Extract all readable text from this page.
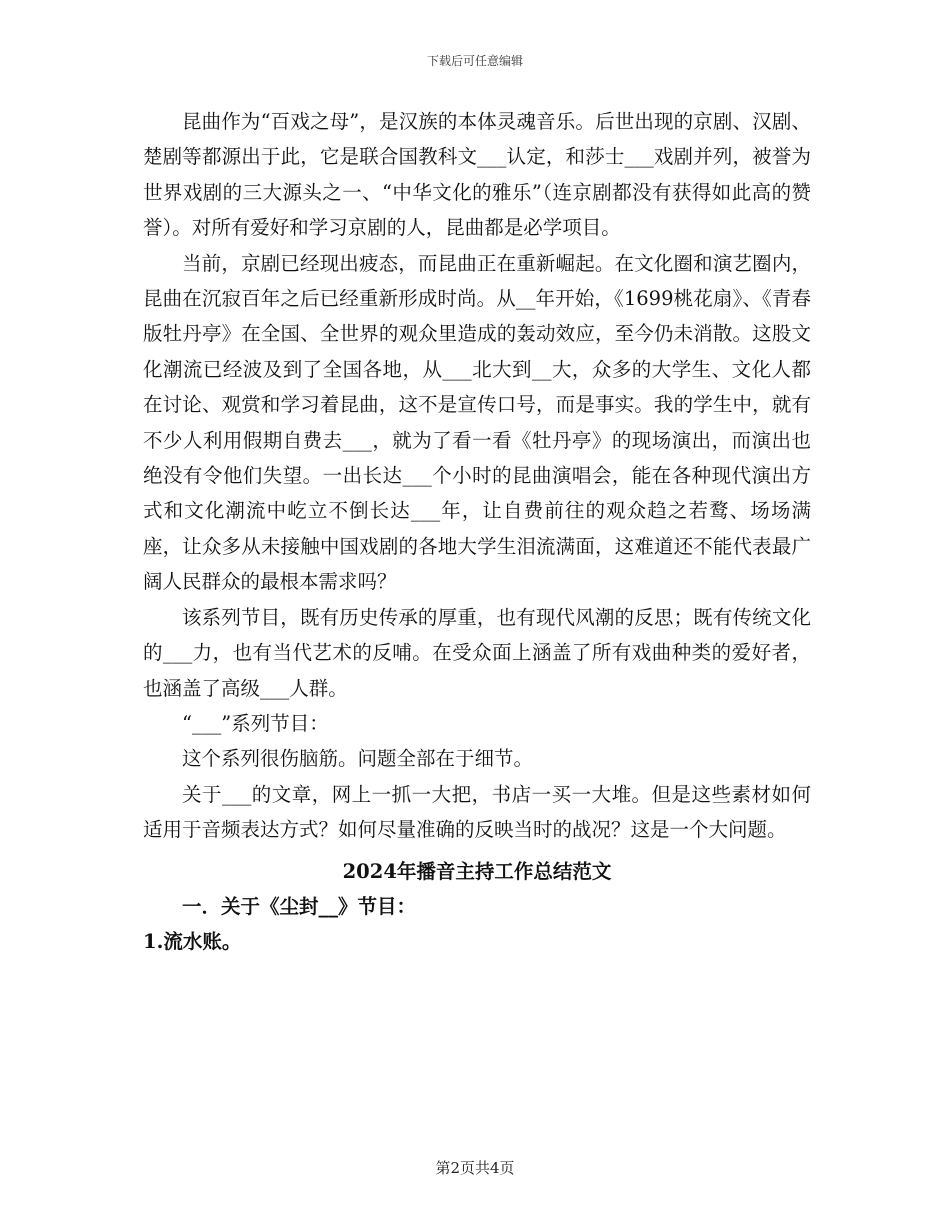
下载后可任意编辑

昆曲作为“百戏之母”，是汉族的本体灵魂音乐。后世出现的京剧、汉剧、楚剧等都源出于此，它是联合国教科文___认定，和莎士___戏剧并列，被誉为世界戏剧的三大源头之一、“中华文化的雅乐”（连京剧都没有获得如此高的赞誉）。对所有爱好和学习京剧的人，昆曲都是必学项目。

当前，京剧已经现出疲态，而昆曲正在重新崛起。在文化圈和演艺圈内，昆曲在沉寂百年之后已经重新形成时尚。从__年开始，《1699桃花扇》、《青春版牡丹亭》在全国、全世界的观众里造成的轰动效应，至今仍未消散。这股文化潮流已经波及到了全国各地，从___北大到__大，众多的大学生、文化人都在讨论、观赏和学习着昆曲，这不是宣传口号，而是事实。我的学生中，就有不少人利用假期自费去___，就为了看一看《牡丹亭》的现场演出，而演出也绝没有令他们失望。一出长达___个小时的昆曲演唱会，能在各种现代演出方式和文化潮流中屹立不倒长达___年，让自费前往的观众趋之若鹜、场场满座，让众多从未接触中国戏剧的各地大学生泪流满面，这难道还不能代表最广阔人民群众的最根本需求吗？

该系列节目，既有历史传承的厚重，也有现代风潮的反思；既有传统文化的___力，也有当代艺术的反哺。在受众面上涵盖了所有戏曲种类的爱好者，也涵盖了高级___人群。

“___”系列节目：

这个系列很伤脑筋。问题全部在于细节。

关于___的文章，网上一抓一大把，书店一买一大堆。但是这些素材如何适用于音频表达方式？如何尽量准确的反映当时的战况？这是一个大问题。

2024年播音主持工作总结范文

一．关于《尘封__》节目：

1.流水账。

第2页共4页
